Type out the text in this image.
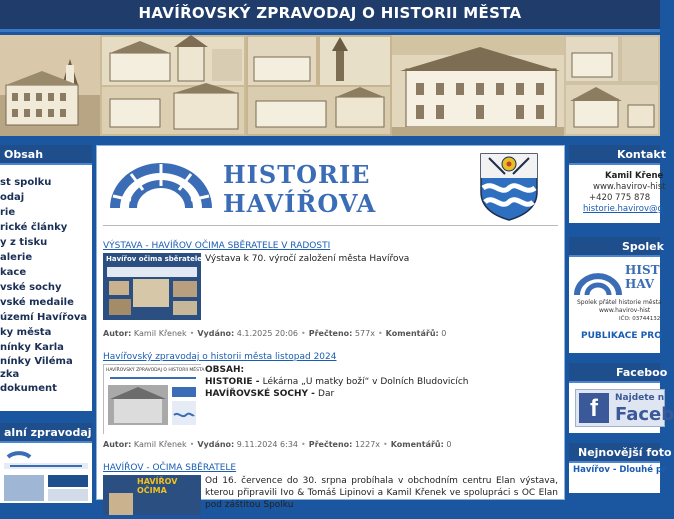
HAVÍŘOVSKÝ ZPRAVODAJ O HISTORII MĚSTA
Obsah
st spolku
odaj
rie
rické články
y z tisku
alerie
kace
vské sochy
vské medaile
území Havířova
ky města
nínky Karla
nínky Viléma
zka
dokument
alní zpravodaj
HISTORIE
HAVÍŘOVA
VÝSTAVA - HAVÍŘOV OČIMA SBĚRATELE V RADOSTI
Havířov očima sběratele Výstava k 70. výročí založení města Havířova
Autor: Kamil Křenek • Vydáno: 4.1.2025 20:06 • Přečteno: 577x • Komentářů: 0
Havířovský zpravodaj o historii města listopad 2024
HAVÍŘOVSKÝ ZPRAVODAJ O HISTORII MĚSTA OBSAH:
HISTORIE - Lékárna „U matky boží“ v Dolních Bludovicích
HAVÍŘOVSKÉ SOCHY - Dar
Autor: Kamil Křenek • Vydáno: 9.11.2024 6:34 • Přečteno: 1227x • Komentářů: 0
HAVÍŘOV - OČIMA SBĚRATELE
HAVÍŘOV OČIMA
Od 16. července do 30. srpna probíhala v obchodním centru Elan výstava, kterou připravili Ivo & Tomáš Lipinovi a Kamil Křenek ve spolupráci s OC Elan pod záštitou Spolku
Kontakt
Kamil Křene
www.havirov-hist
+420 775 878
historie.havirov@g
Spolek
HIST
HAV
Spolek přátel historie města
www.havirov-hist
IČO: 03744132
PUBLIKACE PRO
Faceboo
f	Najdete n
Faceb
Nejnovější foto
Havířov - Dlouhé pr
